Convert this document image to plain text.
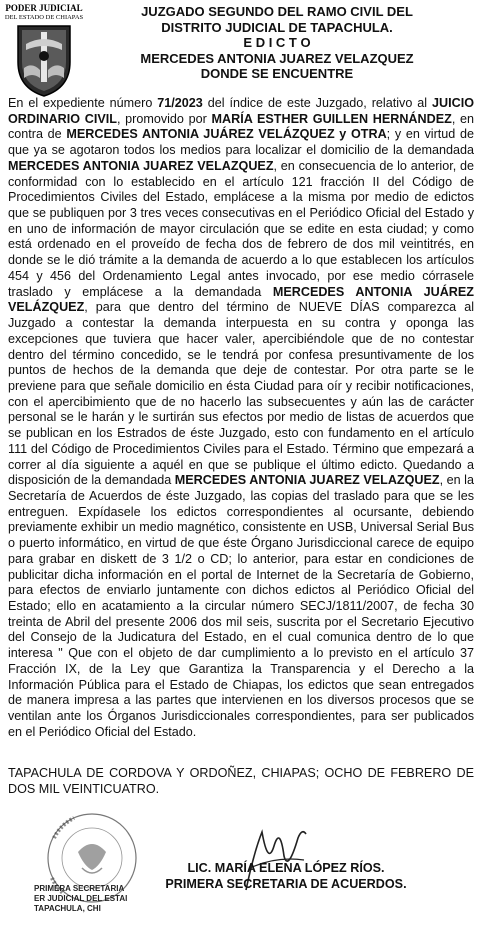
PODER JUDICIAL
DEL ESTADO DE CHIAPAS	JUZGADO SEGUNDO DEL RAMO CIVIL DEL
DISTRITO JUDICIAL DE TAPACHULA.
E D I C T O
MERCEDES ANTONIA JUAREZ VELAZQUEZ
DONDE SE ENCUENTRE

En el expediente número 71/2023 del índice de este Juzgado, relativo al JUICIO ORDINARIO CIVIL, promovido por MARÍA ESTHER GUILLEN HERNÁNDEZ, en contra de MERCEDES ANTONIA JUÁREZ VELÁZQUEZ y OTRA; y en virtud de que ya se agotaron todos los medios para localizar el domicilio de la demandada MERCEDES ANTONIA JUAREZ VELAZQUEZ, en consecuencia de lo anterior, de conformidad con lo establecido en el artículo 121 fracción II del Código de Procedimientos Civiles del Estado, emplácese a la misma por medio de edictos que se publiquen por 3 tres veces consecutivas en el Periódico Oficial del Estado y en uno de información de mayor circulación que se edite en esta ciudad; y como está ordenado en el proveído de fecha dos de febrero de dos mil veintitrés, en donde se le dió trámite a la demanda de acuerdo a lo que establecen los artículos 454 y 456 del Ordenamiento Legal antes invocado, por ese medio córrasele traslado y emplácese a la demandada MERCEDES ANTONIA JUÁREZ VELÁZQUEZ, para que dentro del término de NUEVE DÍAS comparezca al Juzgado a contestar la demanda interpuesta en su contra y oponga las excepciones que tuviera que hacer valer, apercibiéndole que de no contestar dentro del término concedido, se le tendrá por confesa presuntivamente de los puntos de hechos de la demanda que deje de contestar. Por otra parte se le previene para que señale domicilio en ésta Ciudad para oír y recibir notificaciones, con el apercibimiento que de no hacerlo las subsecuentes y aún las de carácter personal se le harán y le surtirán sus efectos por medio de listas de acuerdos que se publican en los Estrados de éste Juzgado, esto con fundamento en el artículo 111 del Código de Procedimientos Civiles para el Estado. Término que empezará a correr al día siguiente a aquél en que se publique el último edicto. Quedando a disposición de la demandada MERCEDES ANTONIA JUAREZ VELAZQUEZ, en la Secretaría de Acuerdos de éste Juzgado, las copias del traslado para que se les entreguen. Expídasele los edictos correspondientes al ocursante, debiendo previamente exhibir un medio magnético, consistente en USB, Universal Serial Bus o puerto informático, en virtud de que éste Órgano Jurisdiccional carece de equipo para grabar en diskett de 3 1/2 o CD; lo anterior, para estar en condiciones de publicitar dicha información en el portal de Internet de la Secretaría de Gobierno, para efectos de enviarlo juntamente con dichos edictos al Periódico Oficial del Estado; ello en acatamiento a la circular número SECJ/1811/2007, de fecha 30 treinta de Abril del presente 2006 dos mil seis, suscrita por el Secretario Ejecutivo del Consejo de la Judicatura del Estado, en el cual comunica dentro de lo que interesa " Que con el objeto de dar cumplimiento a lo previsto en el artículo 37 Fracción IX, de la Ley que Garantiza la Transparencia y el Derecho a la Información Pública para el Estado de Chiapas, los edictos que sean entregados de manera impresa a las partes que intervienen en los diversos procesos que se ventilan ante los Órganos Jurisdiccionales correspondientes, para ser publicados en el Periódico Oficial del Estado.

TAPACHULA DE CORDOVA Y ORDOÑEZ, CHIAPAS; OCHO DE FEBRERO DE DOS MIL VEINTICUATRO.
LIC. MARÍA ELENA LÓPEZ RÍOS.
PRIMERA SECRETARIA DE ACUERDOS.
PRIMERA SECRETARIA
ER JUDICIAL DEL ESTAI
TAPACHULA, CHI
